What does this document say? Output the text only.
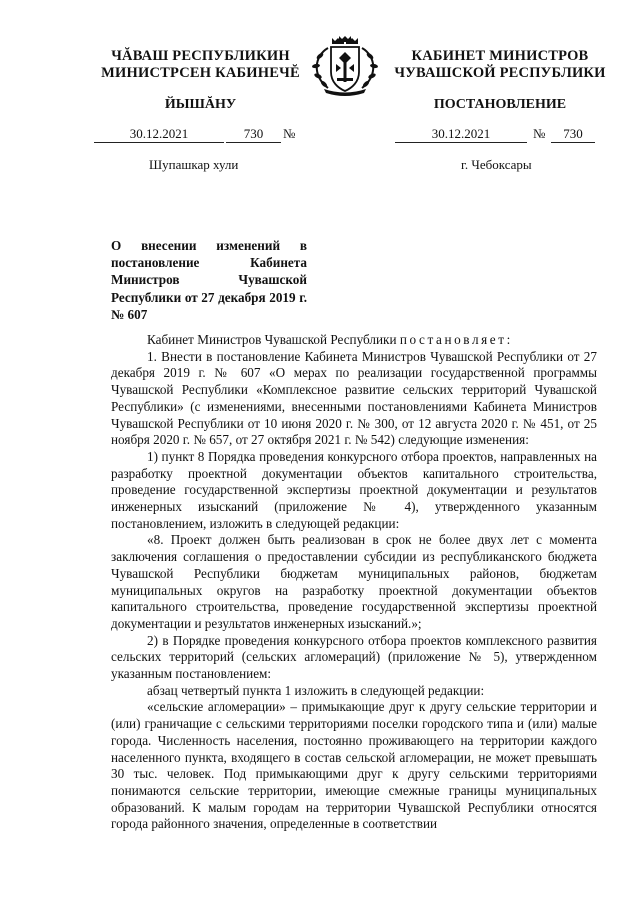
ЧĂВАШ РЕСПУБЛИКИН
МИНИСТРСЕН КАБИНЕЧĔ
ЙЫШĂНУ
КАБИНЕТ МИНИСТРОВ
ЧУВАШСКОЙ РЕСПУБЛИКИ
ПОСТАНОВЛЕНИЕ
30.12.2021	730	№	30.12.2021	№	730
Шупашкар хули	г. Чебоксары
О внесении изменений в постановление Кабинета Министров Чувашской Республики от 27 декабря 2019 г. № 607

Кабинет Министров Чувашской Республики постановляет:

1. Внести в постановление Кабинета Министров Чувашской Республики от 27 декабря 2019 г. № 607 «О мерах по реализации государственной программы Чувашской Республики «Комплексное развитие сельских территорий Чувашской Республики» (с изменениями, внесенными постановлениями Кабинета Министров Чувашской Республики от 10 июня 2020 г. № 300, от 12 августа 2020 г. № 451, от 25 ноября 2020 г. № 657, от 27 октября 2021 г. № 542) следующие изменения:

1) пункт 8 Порядка проведения конкурсного отбора проектов, направленных на разработку проектной документации объектов капитального строительства, проведение государственной экспертизы проектной документации и результатов инженерных изысканий (приложение № 4), утвержденного указанным постановлением, изложить в следующей редакции:

«8. Проект должен быть реализован в срок не более двух лет с момента заключения соглашения о предоставлении субсидии из республиканского бюджета Чувашской Республики бюджетам муниципальных районов, бюджетам муниципальных округов на разработку проектной документации объектов капитального строительства, проведение государственной экспертизы проектной документации и результатов инженерных изысканий.»;

2) в Порядке проведения конкурсного отбора проектов комплексного развития сельских территорий (сельских агломераций) (приложение № 5), утвержденном указанным постановлением:

абзац четвертый пункта 1 изложить в следующей редакции:

«сельские агломерации» – примыкающие друг к другу сельские территории и (или) граничащие с сельскими территориями поселки городского типа и (или) малые города. Численность населения, постоянно проживающего на территории каждого населенного пункта, входящего в состав сельской агломерации, не может превышать 30 тыс. человек. Под примыкающими друг к другу сельскими территориями понимаются сельские территории, имеющие смежные границы муниципальных образований. К малым городам на территории Чувашской Республики относятся города районного значения, определенные в соответствии
